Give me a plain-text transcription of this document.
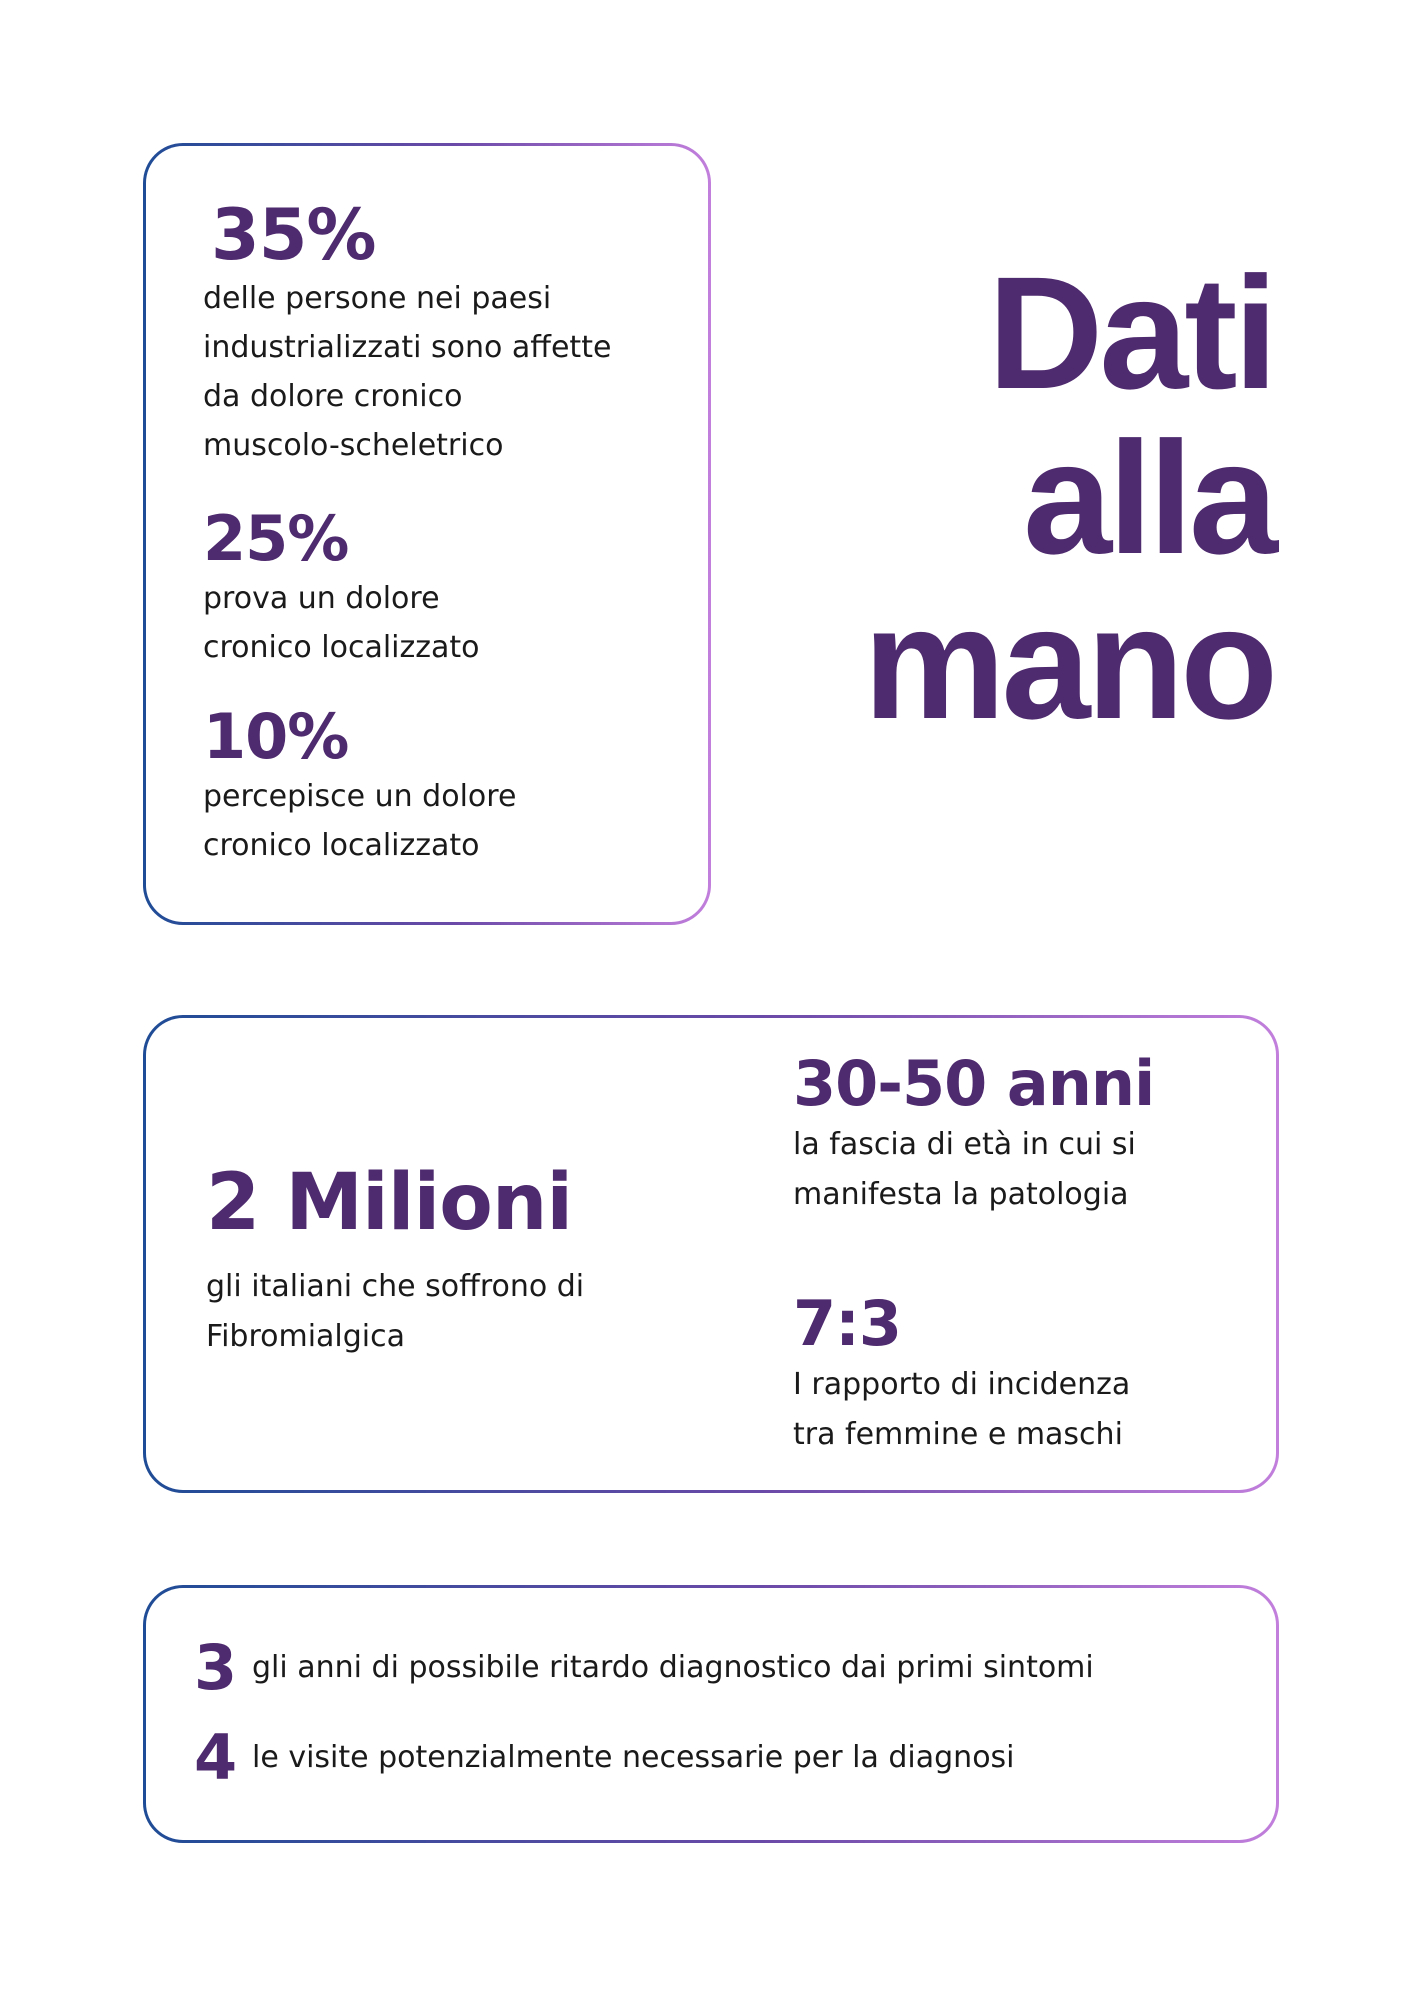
35%

delle persone nei paesi
industrializzati sono affette
da dolore cronico
muscolo-scheletrico

25%

prova un dolore
cronico localizzato

10%

percepisce un dolore
cronico localizzato

Dati
alla
mano
2 Milioni

gli italiani che soffrono di
Fibromialgica

30-50 anni

la fascia di età in cui si
manifesta la patologia

7:3

I rapporto di incidenza
tra femmine e maschi

3 gli anni di possibile ritardo diagnostico dai primi sintomi
4 le visite potenzialmente necessarie per la diagnosi
